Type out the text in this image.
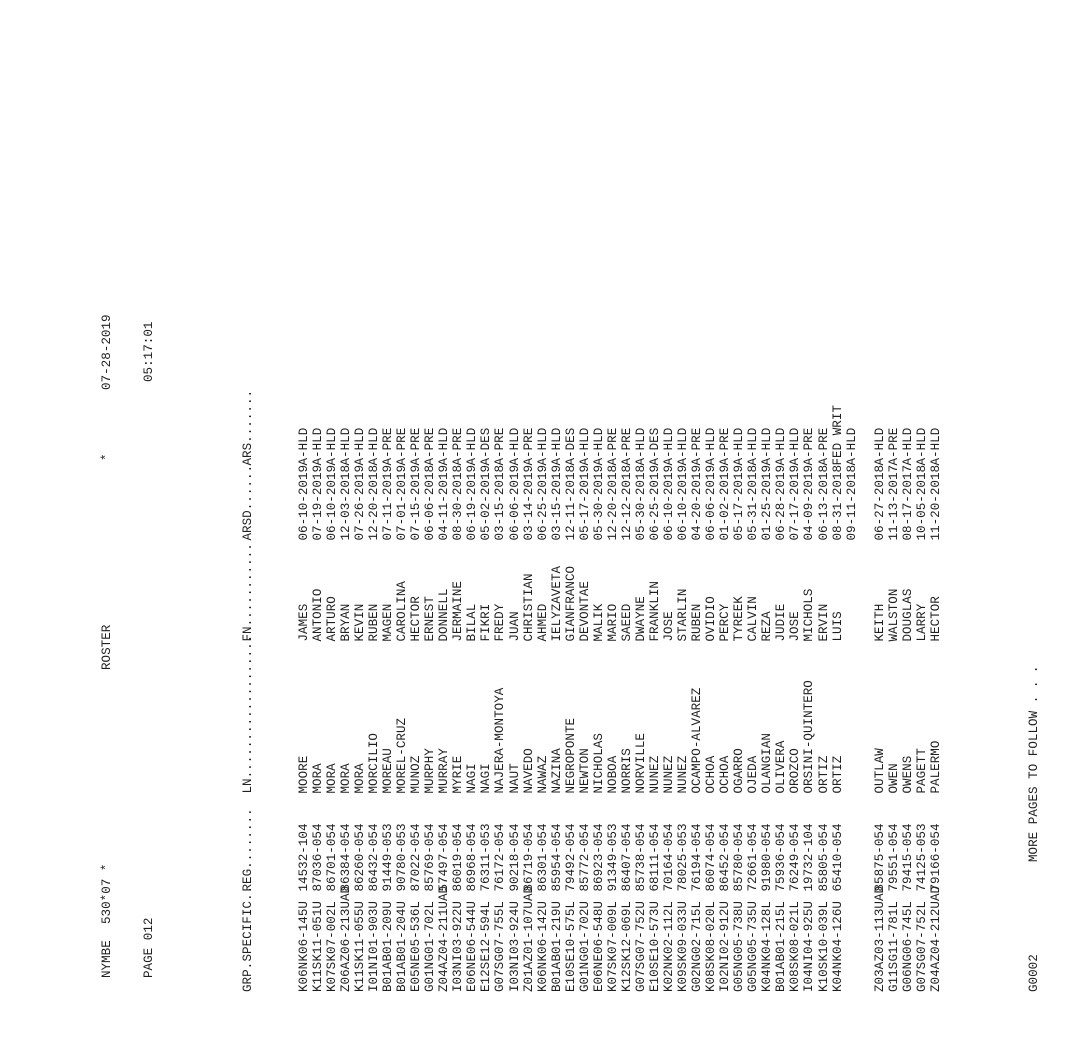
NYMBE

530*07 *

ROSTER

*

07-28-2019

PAGE 012

05:17:01

GRP.SPECIFIC..REG........LN...................FN...........ARSD......ARS.......

K06NK06-145U14532-104MOOREJAMES06-10-2019A-HLD
K11SK11-051U87036-054MORAANTONIO07-19-2019A-HLD
K07SK07-002L86701-054MORAARTURO06-10-2019A-HLD
Z06AZ06-213UAD86384-054MORABRYAN12-03-2018A-HLD
K11SK11-055U86260-054MORAKEVIN07-26-2019A-HLD
I01NI01-903U86432-054MORCILIORUBEN12-20-2018A-HLD
B01AB01-209U91449-053MOREAUMAGEN07-11-2019A-PRE
B01AB01-204U90780-053MOREL-CRUZCAROLINA07-01-2019A-PRE
E05NE05-536L87022-054MUNOZHECTOR07-15-2019A-PRE
G01NG01-702L85769-054MURPHYERNEST06-06-2018A-PRE
Z04AZ04-211UAD57497-054MURRAYDONNELL04-11-2019A-HLD
I03NI03-922U86019-054MYRIEJERMAINE08-30-2018A-PRE
E06NE06-544U86968-054NAGIBILAL06-19-2019A-HLD
E12SE12-594L76311-053NAGIFIKRI05-02-2019A-DES
G07SG07-755L76172-054NAJERA-MONTOYAFREDY03-15-2018A-PRE
I03NI03-924U90218-054NAUTJUAN06-06-2019A-HLD
Z01AZ01-107UAD86719-054NAVEDOCHRISTIAN03-14-2019A-PRE
K06NK06-142U86301-054NAWAZAHMED06-25-2019A-HLD
B01AB01-219U85954-054NAZINAIELYZAVETA03-15-2019A-HLD
E10SE10-575L79492-054NEGROPONTEGIANFRANCO12-11-2018A-DES
G01NG01-702U85772-054NEWTONDEVONTAE05-17-2019A-HLD
E06NE06-548U86923-054NICHOLASMALIK05-30-2019A-HLD
K07SK07-009L91349-053NOBOAMARIO12-20-2018A-PRE
K12SK12-069L86407-054NORRISSAEED12-12-2018A-PRE
G07SG07-752U85738-054NORVILLEDWAYNE05-30-2018A-HLD
E10SE10-573U68111-054NUNEZFRANKLIN06-25-2019A-DES
K02NK02-112L70164-054NUNEZJOSE06-10-2019A-HLD
K09SK09-033U78025-053NUNEZSTARLIN06-10-2019A-HLD
G02NG02-715L76194-054OCAMPO-ALVAREZRUBEN04-20-2019A-PRE
K08SK08-020L86074-054OCHOAOVIDIO06-06-2019A-HLD
I02NI02-912U86452-054OCHOAPERCY01-02-2019A-PRE
G05NG05-738U85780-054OGARROTYREEK05-17-2019A-HLD
G05NG05-735U72661-054OJEDACALVIN05-31-2018A-HLD
K04NK04-128L91980-054OLANGIANREZA01-25-2019A-HLD
B01AB01-215L75936-054OLIVERAJUDIE06-28-2019A-HLD
K08SK08-021L76249-054OROZCOJOSE07-17-2019A-HLD
I04NI04-925U19732-104ORSINI-QUINTEROMICHOLS04-09-2019A-PRE
K10SK10-039L85805-054ORTIZERVIN06-13-2018A-PRE
K04NK04-126U65410-054ORTIZLUIS08-31-2018FED WRIT
09-11-2018A-HLD
Z03AZ03-113UAD85875-054OUTLAWKEITH06-27-2018A-HLD
G11SG11-781L79551-054OWENWALSTON11-13-2017A-PRE
G06NG06-745L79415-054OWENSDOUGLAS08-17-2017A-HLD
G07SG07-752L74125-053PAGETTLARRY10-05-2018A-HLD
Z04AZ04-212UAD79166-054PALERMOHECTOR11-20-2018A-HLD

G0002

MORE PAGES TO FOLLOW . . .
